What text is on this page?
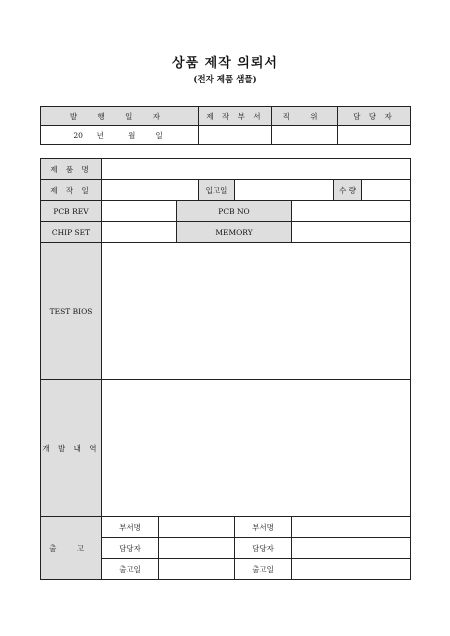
상품 제작 의뢰서
(전자 제품 샘플)
발 행 일 자	제 작 부 서	직 위	담 당 자
20 년 월 일			
제 품 명								
제 작 일				입고일			수 량	
PCB REV			PCB NO					
CHIP SET			MEMORY					
TEST BIOS								
개 발 내 역								
출 고	부서명				부서명			
	담당자				담당자			
	출고일				출고일			
